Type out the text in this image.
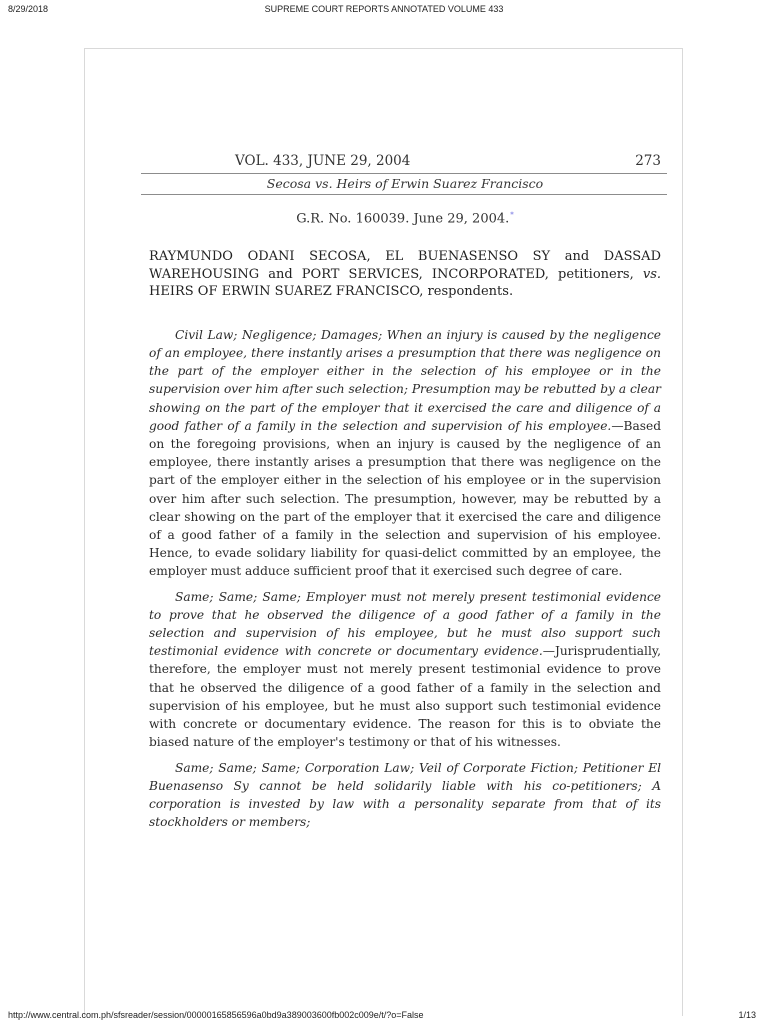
8/29/2018	SUPREME COURT REPORTS ANNOTATED VOLUME 433
VOL. 433, JUNE 29, 2004	273
Secosa vs. Heirs of Erwin Suarez Francisco
G.R. No. 160039. June 29, 2004.*
RAYMUNDO ODANI SECOSA, EL BUENASENSO SY and DASSAD WAREHOUSING and PORT SERVICES, INCORPORATED, petitioners, vs. HEIRS OF ERWIN SUAREZ FRANCISCO, respondents.

Civil Law; Negligence; Damages; When an injury is caused by the negligence of an employee, there instantly arises a presumption that there was negligence on the part of the employer either in the selection of his employee or in the supervision over him after such selection; Presumption may be rebutted by a clear showing on the part of the employer that it exercised the care and diligence of a good father of a family in the selection and supervision of his employee.—Based on the foregoing provisions, when an injury is caused by the negligence of an employee, there instantly arises a presumption that there was negligence on the part of the employer either in the selection of his employee or in the supervision over him after such selection. The presumption, however, may be rebutted by a clear showing on the part of the employer that it exercised the care and diligence of a good father of a family in the selection and supervision of his employee. Hence, to evade solidary liability for quasi-delict committed by an employee, the employer must adduce sufficient proof that it exercised such degree of care.

Same; Same; Same; Employer must not merely present testimonial evidence to prove that he observed the diligence of a good father of a family in the selection and supervision of his employee, but he must also support such testimonial evidence with concrete or documentary evidence.—Jurisprudentially, therefore, the employer must not merely present testimonial evidence to prove that he observed the diligence of a good father of a family in the selection and supervision of his employee, but he must also support such testimonial evidence with concrete or documentary evidence. The reason for this is to obviate the biased nature of the employer's testimony or that of his witnesses.

Same; Same; Same; Corporation Law; Veil of Corporate Fiction; Petitioner El Buenasenso Sy cannot be held solidarily liable with his co-petitioners; A corporation is invested by law with a personality separate from that of its stockholders or members;

http://www.central.com.ph/sfsreader/session/00000165856596a0bd9a389003600fb002c009e/t/?o=False	1/13
